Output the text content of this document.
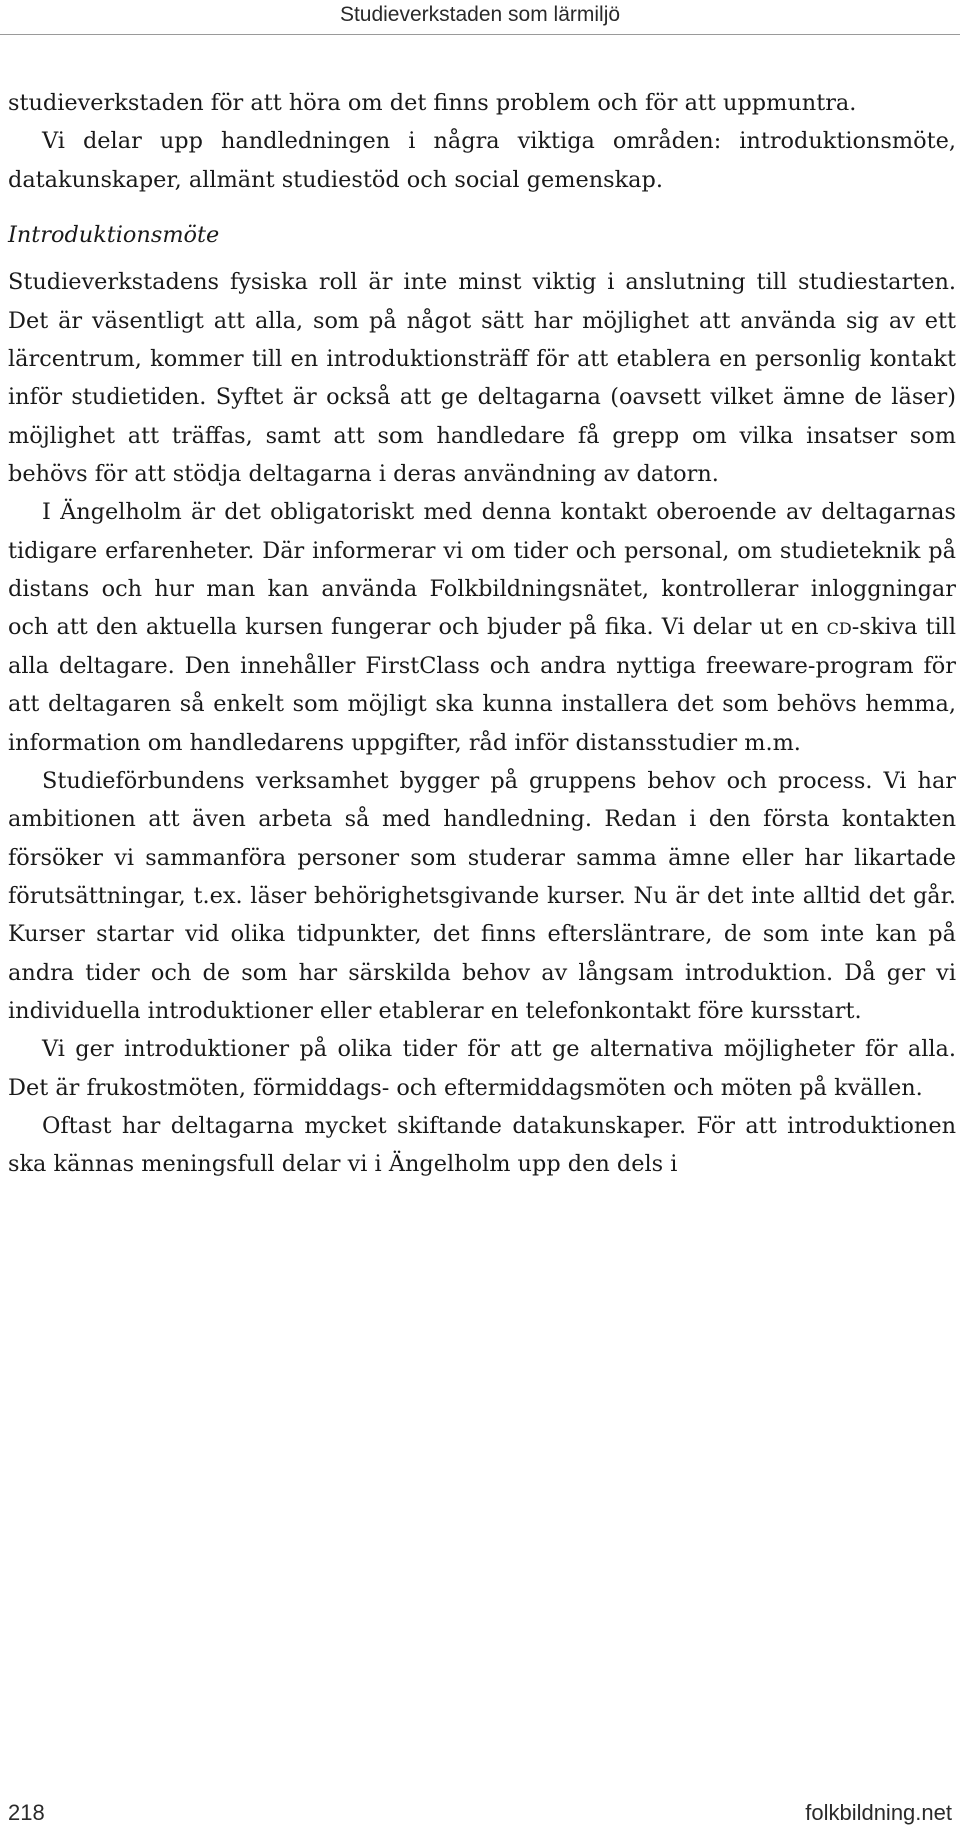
Studieverkstaden som lärmiljö

studieverkstaden för att höra om det finns problem och för att uppmuntra.

Vi delar upp handledningen i några viktiga områden: introduktionsmöte, datakunskaper, allmänt studiestöd och social gemenskap.

Introduktionsmöte

Studieverkstadens fysiska roll är inte minst viktig i anslutning till studiestarten. Det är väsentligt att alla, som på något sätt har möjlighet att använda sig av ett lärcentrum, kommer till en introduktionsträff för att etablera en personlig kontakt inför studietiden. Syftet är också att ge deltagarna (oavsett vilket ämne de läser) möjlighet att träffas, samt att som handledare få grepp om vilka insatser som behövs för att stödja deltagarna i deras användning av datorn.

I Ängelholm är det obligatoriskt med denna kontakt oberoende av deltagarnas tidigare erfarenheter. Där informerar vi om tider och personal, om studieteknik på distans och hur man kan använda Folkbildningsnätet, kontrollerar inloggningar och att den aktuella kursen fungerar och bjuder på fika. Vi delar ut en cd-skiva till alla deltagare. Den innehåller FirstClass och andra nyttiga freeware-program för att deltagaren så enkelt som möjligt ska kunna installera det som behövs hemma, information om handledarens uppgifter, råd inför distansstudier m.m.

Studieförbundens verksamhet bygger på gruppens behov och process. Vi har ambitionen att även arbeta så med handledning. Redan i den första kontakten försöker vi sammanföra personer som studerar samma ämne eller har likartade förutsättningar, t.ex. läser behörighetsgivande kurser. Nu är det inte alltid det går. Kurser startar vid olika tidpunkter, det finns eftersläntrare, de som inte kan på andra tider och de som har särskilda behov av långsam introduktion. Då ger vi individuella introduktioner eller etablerar en telefonkontakt före kursstart.

Vi ger introduktioner på olika tider för att ge alternativa möjligheter för alla. Det är frukostmöten, förmiddags- och eftermiddagsmöten och möten på kvällen.

Oftast har deltagarna mycket skiftande datakunskaper. För att introduktionen ska kännas meningsfull delar vi i Ängelholm upp den dels i

218	folkbildning.net
